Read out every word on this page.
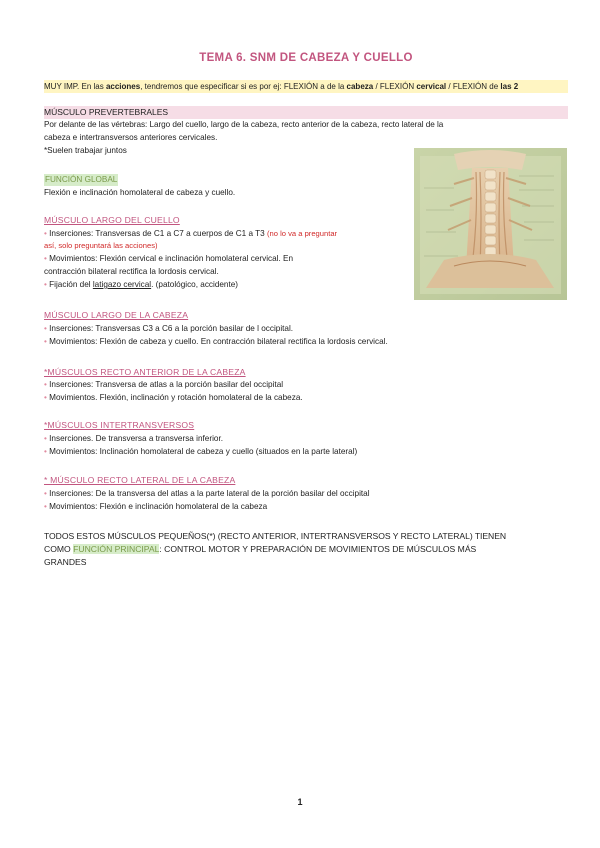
TEMA 6. SNM DE CABEZA Y CUELLO
MUY IMP. En las acciones, tendremos que especificar si es por ej: FLEXIÓN a de la cabeza / FLEXIÓN cervical / FLEXIÓN de las 2
MÚSCULO PREVERTEBRALES
Por delante de las vértebras: Largo del cuello, largo de la cabeza, recto anterior de la cabeza, recto lateral de la
cabeza e intertransversos anteriores cervicales.
*Suelen trabajar juntos
FUNCIÓN GLOBAL
Flexión e inclinación homolateral de cabeza y cuello.
MÚSCULO LARGO DEL CUELLO
• Inserciones: Transversas de C1 a C7 a cuerpos de C1 a T3 (no lo va a preguntar
así, solo preguntará las acciones)
• Movimientos: Flexión cervical e inclinación homolateral cervical. En
contracción bilateral rectifica la lordosis cervical.
• Fijación del latigazo cervical. (patológico, accidente)
MÚSCULO LARGO DE LA CABEZA
• Inserciones: Transversas C3 a C6 a la porción basilar de l occipital.
• Movimientos: Flexión de cabeza y cuello. En contracción bilateral rectifica la lordosis cervical.
*MÚSCULOS RECTO ANTERIOR DE LA CABEZA
• Inserciones: Transversa de atlas a la porción basilar del occipital
• Movimientos. Flexión, inclinación y rotación homolateral de la cabeza.
*MÚSCULOS INTERTRANSVERSOS
• Inserciones. De transversa a transversa inferior.
• Movimientos: Inclinación homolateral de cabeza y cuello (situados en la parte lateral)
* MÚSCULO RECTO LATERAL DE LA CABEZA
• Inserciones: De la transversa del atlas a la parte lateral de la porción basilar del occipital
• Movimientos: Flexión e inclinación homolateral de la cabeza
TODOS ESTOS MÚSCULOS PEQUEÑOS(*) (RECTO ANTERIOR, INTERTRANSVERSOS Y RECTO LATERAL) TIENEN
COMO FUNCIÓN PRINCIPAL: CONTROL MOTOR Y PREPARACIÓN DE MOVIMIENTOS DE MÚSCULOS MÁS
GRANDES
1
